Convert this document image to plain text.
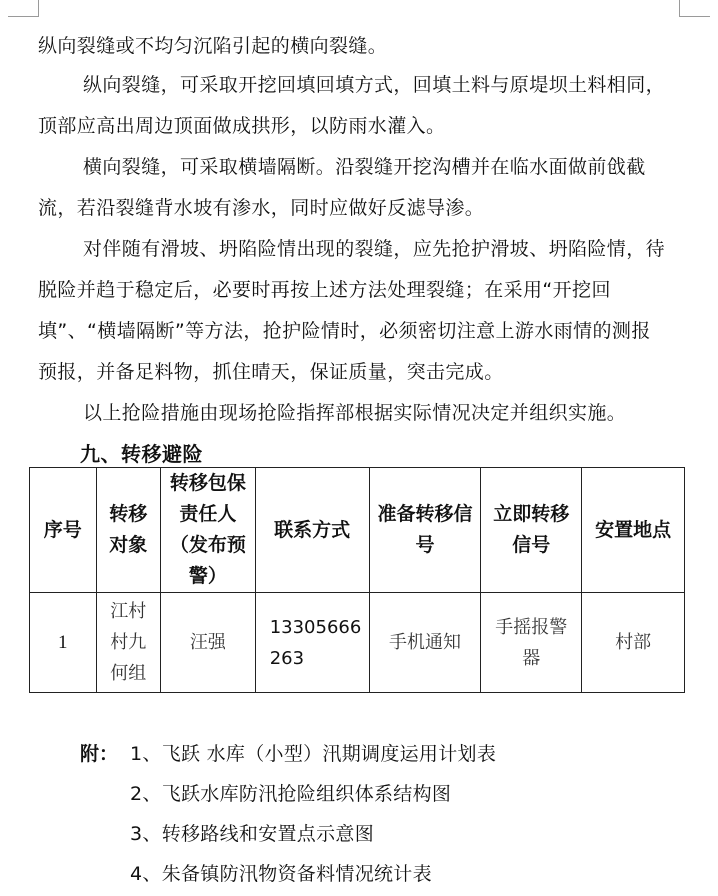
纵向裂缝或不均匀沉陷引起的横向裂缝。
纵向裂缝，可采取开挖回填回填方式，回填土料与原堤坝土料相同，顶部应高出周边顶面做成拱形，以防雨水灌入。
横向裂缝，可采取横墙隔断。沿裂缝开挖沟槽并在临水面做前戗截流，若沿裂缝背水坡有渗水，同时应做好反滤导渗。
对伴随有滑坡、坍陷险情出现的裂缝，应先抢护滑坡、坍陷险情，待脱险并趋于稳定后，必要时再按上述方法处理裂缝；在采用“开挖回填”、“横墙隔断”等方法，抢护险情时，必须密切注意上游水雨情的测报预报，并备足料物，抓住晴天，保证质量，突击完成。
以上抢险措施由现场抢险指挥部根据实际情况决定并组织实施。
九、转移避险
序号	转移对象	转移包保责任人（发布预警）	联系方式	准备转移信号	立即转移信号	安置地点
1	江村村九何组	汪强	13305666263	手机通知	手摇报警器	村部
附： 1、飞跃 水库（小型）汛期调度运用计划表
2、飞跃水库防汛抢险组织体系结构图
3、转移路线和安置点示意图
4、朱备镇防汛物资备料情况统计表
